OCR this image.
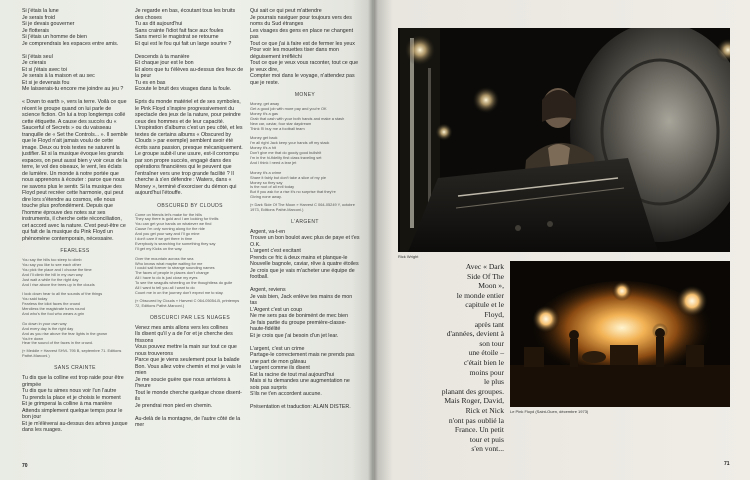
Si j'étais la lune
Je serais froid
Si je devais gouverner
Je flotterais
Si j'étais un homme de bien
Je comprendrais les espaces entre amis.

Si j'étais seul
Je crierais
Et si j'étais avec toi
Je serais à la maison et au sec
Et si je devenais fou
Me laisserais-tu encore me joindre au jeu ?

« Down to earth », vers la terre. Voilà ce que récent le groupe quand on lui parle de science fiction. On lui a trop longtemps collé cette étiquette. A cause des succès du « Saucerful of Secrets » ou du vaisseau tranquille de « Set the Controls... ». Il semble que le Floyd n'ait jamais voulu de cette image. Deux ou trois textes ne saturent la justifier. Et si la musique évoque les grands espaces, on peut aussi bien y voir ceux de la terre, le vol des oiseaux, le vent, les éclats de lumière. Un monde à notre portée que nous apprenons à écouter : parce que nous ne savons plus le sentir. Si la musique des Floyd peut recréer cette harmonie, qui peut dire lors s'étendre au cosmos, elle nous touche plus profondément. Depuis que l'homme éprouve des notes sur ses instruments, il cherche cette réconciliation, cet accord avec la nature. C'est peut-être ce qui fait de la musique du Pink Floyd un phénomène contemporain, nécessaire.

FEARLESS

You say the hills too steep to climb
You say you like to see each other
You pick the place and I choose the time
And I'll climb the hill in my own way
Just wait a while for the right day
And I rise above the trees up in the clouds

I look down hear to all the sounds of the things
You said today
Fearless the idiot faces the crowd
Merciless the magistrate turns round
And who's the fool who wears a grin

Go down in your own way
And every day is the right day
And as you rise above the fear lights in the grown
You're down
Hear the sound of the faces in the crowd.

(« Meddle » Harvest SHVL 795 B, septembre 71. Editions Pathé-Marconi.)

SANS CRAINTE

Tu dis que la colline est trop raide pour être grimpée
Tu dis que tu aimes nous voir l'un l'autre
Tu prends la place et je choisis le moment
Et je grimperai la colline à ma manière
Attends simplement quelque temps pour le bon jour
Et je m'élèverai au-dessus des arbres jusque dans les nuages.

Je regarde en bas, écoutant tous les bruits des choses
Tu as dit aujourd'hui
Sans crainte l'idiot fait face aux foules
Sans merci le magistrat se retourne
Et qui est le fou qui fait un large sourire ?

Descends à ta manière
Et chaque jour est le bon
Et alors que tu t'élèves au-dessus des feux de la peur
Tu es en bas
Ecoute le bruit des visages dans la foule.

Epris du monde matériel et de ses symboles, le Pink Floyd s'inspire progressivement du spectacle des jeux de la nature, pour peindre ceux des hommes et de leur capacité. L'inspiration d'albums c'est un peu côté, et les textes de certains albums « Obscured by Clouds » par exemple) semblent avoir été écrits sans passion, presque mécaniquement. Le groupe subit-il une usure, est-il corrompu par son propre succès, engagé dans des opérations financières qui le peuvent que l'entraîner vers une trop grande facilité ? Il cherche à s'en défendre : Waters, dans « Money », terminé d'exorciser du démon qui aujourd'hui l'étouffe.

OBSCURED BY CLOUDS

Come on friends let's make for the hills
They say there is gold and I am looking for thrills
You can get your hands on whatever we find
Cause I'm only running along for the ride
And you get your way and I'll go mine
I don't care if we get there in time
Everybody is searching for something they say
I'll get my Kicks on the way.

Over the mountain across the sea
Who knows what maybe waiting for me
I could sail forever to strange sounding names
The faces of people in places don't change
All I have to do is just close my eyes
To see the seagulls wheeling on the thoughtless do guile
All I want to tell you all I want to do
Count me in on the journey don't expect me to stay.

(« Obscured by Clouds » Harvest C 064-05054-B, printemps 72, Editions Pathé-Marconi.)

OBSCURCI PAR LES NUAGES

Venez mes amis allons vers les collines
Ils disent qu'il y a de l'or et je cherche des frissons
Vous pouvez mettre la main sur tout ce que nous trouverons
Parce que je viens seulement pour la balade
Bon. Vous allez votre chemin et moi je vais le mien
Je me soucie guère que nous arrivions à l'heure
Tout le monde cherche quelque chose disent-ils
Je prendrai mon pied en chemin.

Au-delà de la montagne, de l'autre côté de la mer

Qui sait ce qui peut m'attendre
Je pourrais naviguer pour toujours vers des noms du Sud étranges
Les visages des gens en place ne changent pas
Tout ce que j'ai à faire est de fermer les yeux
Pour voir les mouettes tiser dans mon déguisement irréfléchi
Tout ce que je veux vous raconter, tout ce que je veux dire,
Compter moi dans le voyage, n'attendez pas que je reste.

MONEY

Money, get away
Get a good job with more pay and you're OK
Money it's a gas
Grab that cash with your both hands and make a stash
New car, caviar, four star daydream
Think I'll buy me a football team

Money get back
I'm all right Jack keep your hands off my stack
Money it's a hit
Don't give me that do goody good bullshit
I'm in the hi-fidelity first class traveling set
And I think I need a lear jet

Money it's a crime
Share it fairly but don't take a slice of my pie
Money so they say
Is the root of all evil today
But if you ask for a rise it's no surprise that they're
Giving none away.

(« Dark Side Of The Moon » Harvest C 064-05249 Y, octobre 1973, Editions Pathé-Marconi.)

L'ARGENT

Argent, va-t-en
Trouve un bon boulot avec plus de paye et t'es O.K.
L'argent c'est excitant
Prends ce fric à deux mains et planque-le
Nouvelle bagnole, caviar, rêve à quatre étoiles
Je crois que je vais m'acheter une équipe de football.

Argent, reviens
Je vais bien, Jack enlève tes mains de mon tas
L'Argent c'est un coup
Ne me sers pas de bonimént de mec bien
Je fais partie du groupe première-classe-haute-fidélité
Et je crois que j'ai besoin d'un jet lear.

L'argent, c'est un crime
Partage-le correctement mais ne prends pas une part de mon gâteau
L'argent comme ils disent
Est la racine de tout mal aujourd'hui
Mais si tu demandes une augmentation ne sois pas surpris
S'ils ne t'en accordent aucune.

Présentation et traduction: ALAIN DISTER.

70
Rick Wright
Avec « Dark
Side Of The
Moon »,
le monde entier
capitule et le
Floyd,
après tant
d'années, devient à
son tour
une étoile –
c'était bien le
moins pour
le plus
planant des groupes.
Mais Roger, David,
Rick et Nick
n'ont pas oublié la
France. Un petit
tour et puis
s'en vont...
Le Pink Floyd (Saint-Ouen, décembre 1973)
71
